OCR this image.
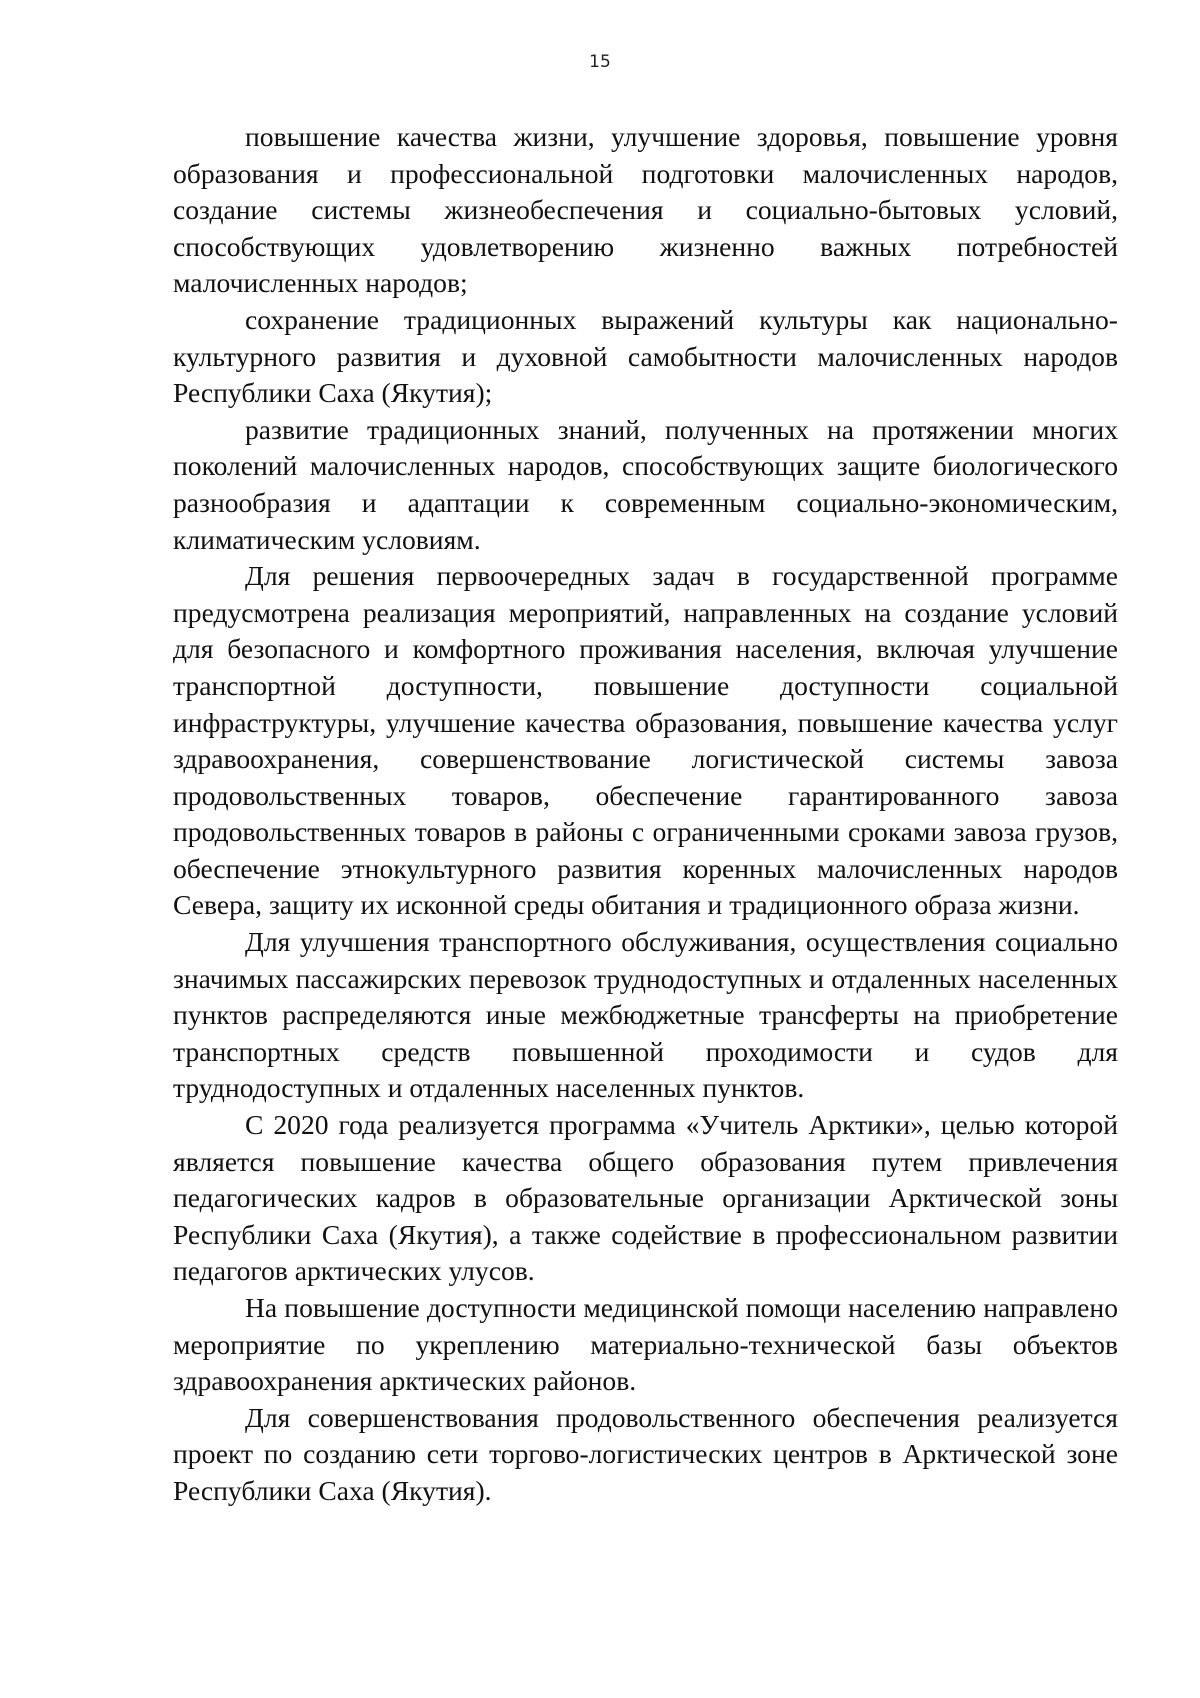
15

повышение качества жизни, улучшение здоровья, повышение уровня образования и профессиональной подготовки малочисленных народов, создание системы жизнеобеспечения и социально-бытовых условий, способствующих удовлетворению жизненно важных потребностей малочисленных народов;

сохранение традиционных выражений культуры как национально-культурного развития и духовной самобытности малочисленных народов Республики Саха (Якутия);

развитие традиционных знаний, полученных на протяжении многих поколений малочисленных народов, способствующих защите биологического разнообразия и адаптации к современным социально-экономическим, климатическим условиям.

Для решения первоочередных задач в государственной программе предусмотрена реализация мероприятий, направленных на создание условий для безопасного и комфортного проживания населения, включая улучшение транспортной доступности, повышение доступности социальной инфраструктуры, улучшение качества образования, повышение качества услуг здравоохранения, совершенствование логистической системы завоза продовольственных товаров, обеспечение гарантированного завоза продовольственных товаров в районы с ограниченными сроками завоза грузов, обеспечение этнокультурного развития коренных малочисленных народов Севера, защиту их исконной среды обитания и традиционного образа жизни.

Для улучшения транспортного обслуживания, осуществления социально значимых пассажирских перевозок труднодоступных и отдаленных населенных пунктов распределяются иные межбюджетные трансферты на приобретение транспортных средств повышенной проходимости и судов для труднодоступных и отдаленных населенных пунктов.

С 2020 года реализуется программа «Учитель Арктики», целью которой является повышение качества общего образования путем привлечения педагогических кадров в образовательные организации Арктической зоны Республики Саха (Якутия), а также содействие в профессиональном развитии педагогов арктических улусов.

На повышение доступности медицинской помощи населению направлено мероприятие по укреплению материально-технической базы объектов здравоохранения арктических районов.

Для совершенствования продовольственного обеспечения реализуется проект по созданию сети торгово-логистических центров в Арктической зоне Республики Саха (Якутия).
